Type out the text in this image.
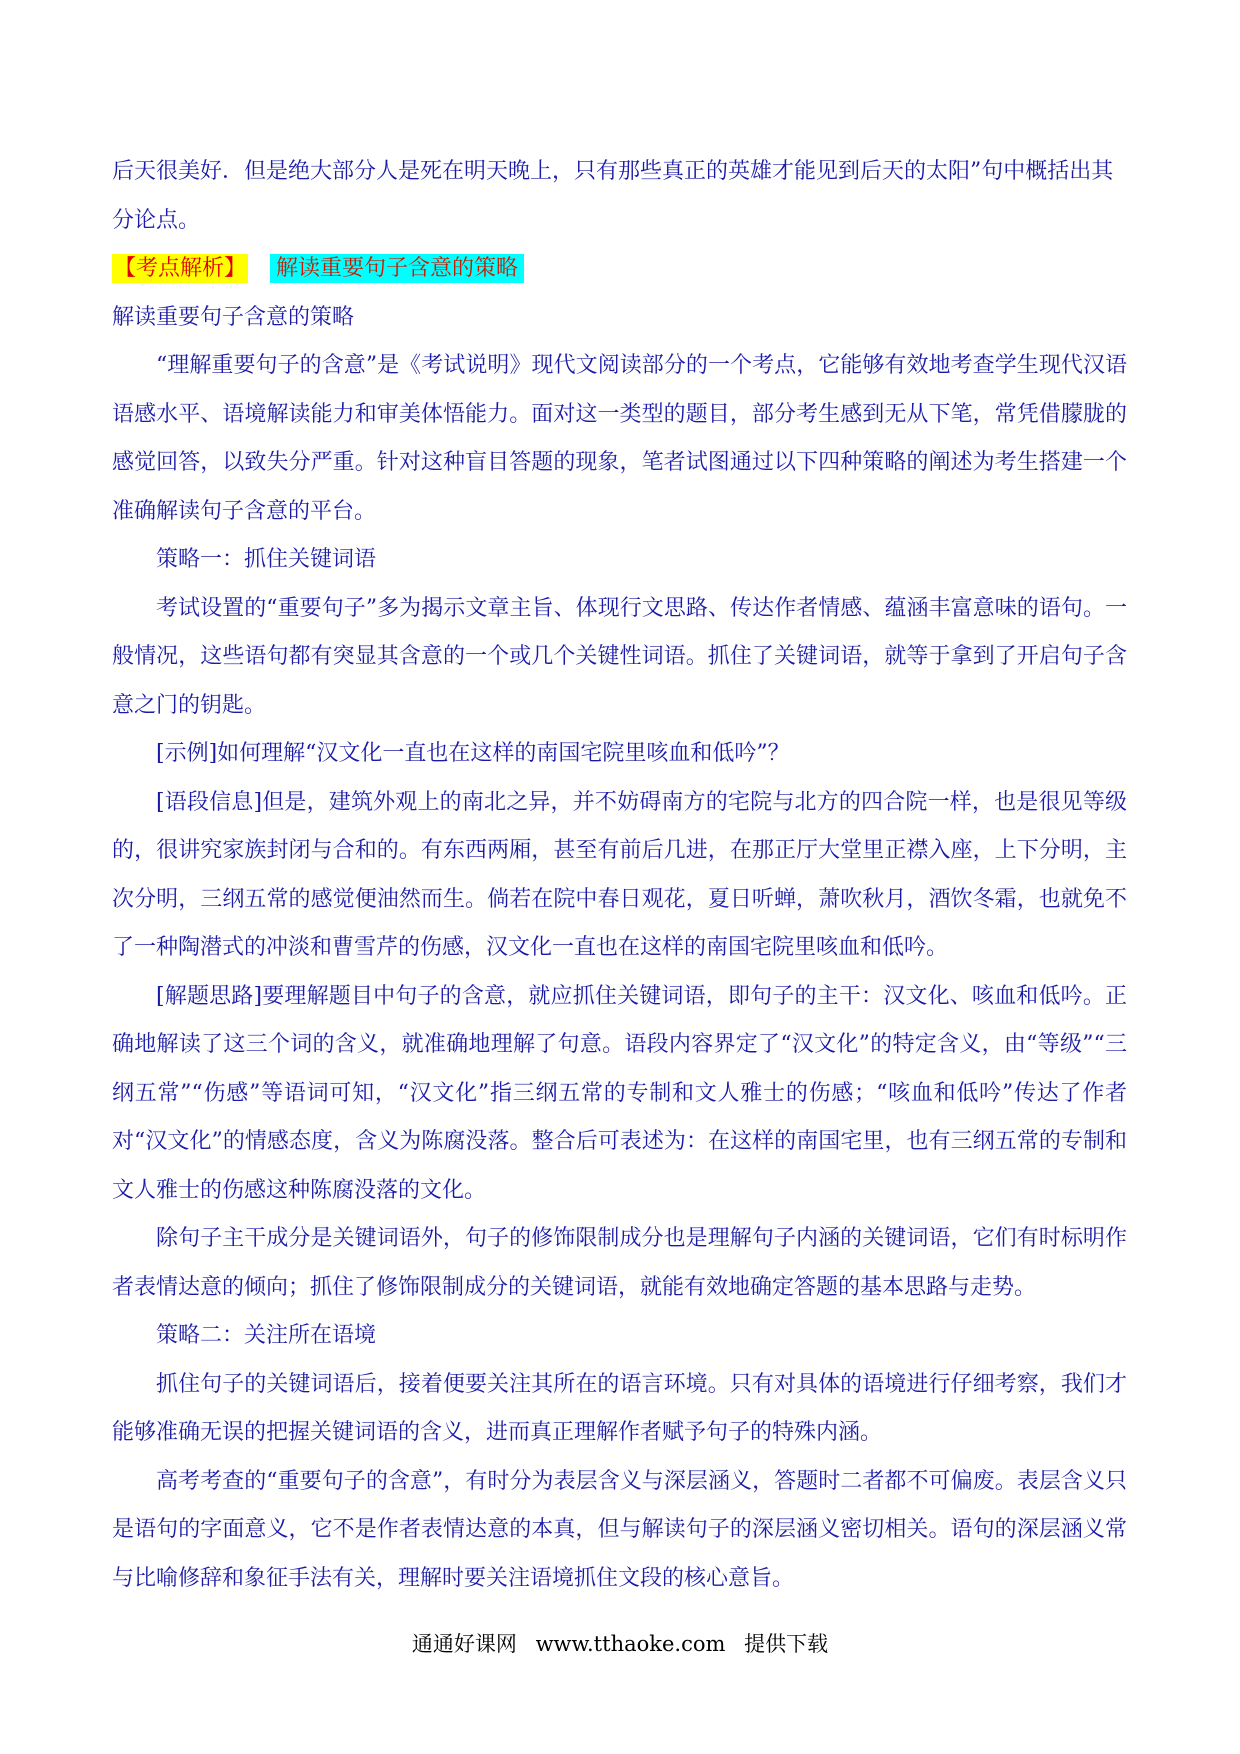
后天很美好．但是绝大部分人是死在明天晚上，只有那些真正的英雄才能见到后天的太阳”句中概括出其

分论点。

【考点解析】 解读重要句子含意的策略

解读重要句子含意的策略

“理解重要句子的含意”是《考试说明》现代文阅读部分的一个考点，它能够有效地考查学生现代汉语语感水平、语境解读能力和审美体悟能力。面对这一类型的题目，部分考生感到无从下笔，常凭借朦胧的感觉回答，以致失分严重。针对这种盲目答题的现象，笔者试图通过以下四种策略的阐述为考生搭建一个准确解读句子含意的平台。

策略一：抓住关键词语

考试设置的“重要句子”多为揭示文章主旨、体现行文思路、传达作者情感、蕴涵丰富意味的语句。一般情况，这些语句都有突显其含意的一个或几个关键性词语。抓住了关键词语，就等于拿到了开启句子含意之门的钥匙。

[示例]如何理解“汉文化一直也在这样的南国宅院里咳血和低吟”？

[语段信息]但是，建筑外观上的南北之异，并不妨碍南方的宅院与北方的四合院一样，也是很见等级的，很讲究家族封闭与合和的。有东西两厢，甚至有前后几进，在那正厅大堂里正襟入座，上下分明，主次分明，三纲五常的感觉便油然而生。倘若在院中春日观花，夏日听蝉，萧吹秋月，酒饮冬霜，也就免不了一种陶潜式的冲淡和曹雪芹的伤感，汉文化一直也在这样的南国宅院里咳血和低吟。

[解题思路]要理解题目中句子的含意，就应抓住关键词语，即句子的主干：汉文化、咳血和低吟。正确地解读了这三个词的含义，就准确地理解了句意。语段内容界定了“汉文化”的特定含义，由“等级”“三纲五常”“伤感”等语词可知，“汉文化”指三纲五常的专制和文人雅士的伤感；“咳血和低吟”传达了作者对“汉文化”的情感态度，含义为陈腐没落。整合后可表述为：在这样的南国宅里，也有三纲五常的专制和文人雅士的伤感这种陈腐没落的文化。

除句子主干成分是关键词语外，句子的修饰限制成分也是理解句子内涵的关键词语，它们有时标明作者表情达意的倾向；抓住了修饰限制成分的关键词语，就能有效地确定答题的基本思路与走势。

策略二：关注所在语境

抓住句子的关键词语后，接着便要关注其所在的语言环境。只有对具体的语境进行仔细考察，我们才能够准确无误的把握关键词语的含义，进而真正理解作者赋予句子的特殊内涵。

高考考查的“重要句子的含意”，有时分为表层含义与深层涵义，答题时二者都不可偏废。表层含义只是语句的字面意义，它不是作者表情达意的本真，但与解读句子的深层涵义密切相关。语句的深层涵义常与比喻修辞和象征手法有关，理解时要关注语境抓住文段的核心意旨。

通通好课网 www.tthaoke.com 提供下载
